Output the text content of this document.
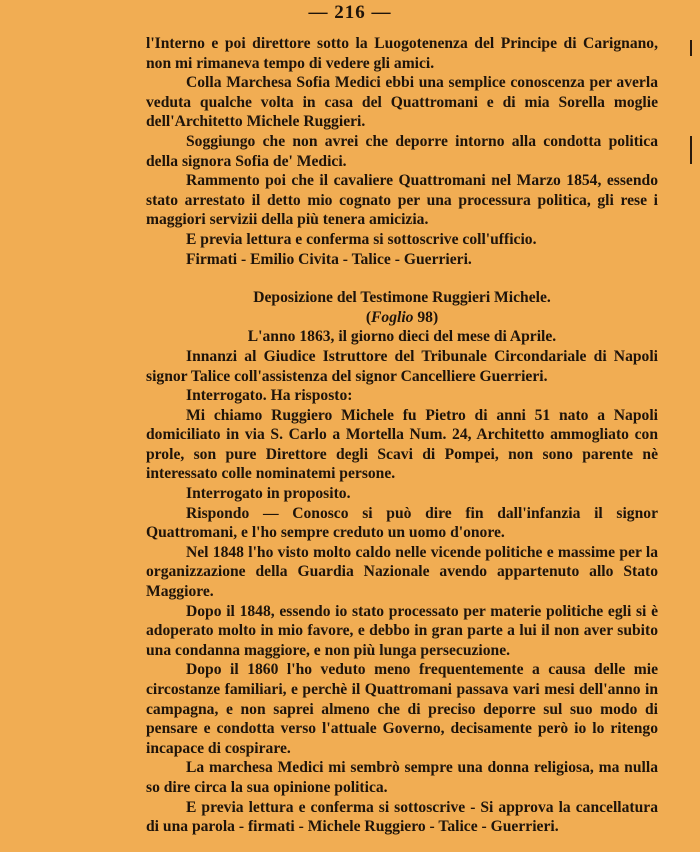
— 216 —

l'Interno e poi direttore sotto la Luogotenenza del Principe di Carignano, non mi rimaneva tempo di vedere gli amici.

Colla Marchesa Sofia Medici ebbi una semplice conoscenza per averla veduta qualche volta in casa del Quattromani e di mia Sorella moglie dell'Architetto Michele Ruggieri.

Soggiungo che non avrei che deporre intorno alla condotta politica della signora Sofia de' Medici.

Rammento poi che il cavaliere Quattromani nel Marzo 1854, essendo stato arrestato il detto mio cognato per una processura politica, gli rese i maggiori servizii della più tenera amicizia.

E previa lettura e conferma si sottoscrive coll'ufficio.

Firmati - Emilio Civita - Talice - Guerrieri.

Deposizione del Testimone Ruggieri Michele.

(Foglio 98)

L'anno 1863, il giorno dieci del mese di Aprile.

Innanzi al Giudice Istruttore del Tribunale Circondariale di Napoli signor Talice coll'assistenza del signor Cancelliere Guerrieri.

Interrogato. Ha risposto:

Mi chiamo Ruggiero Michele fu Pietro di anni 51 nato a Napoli domiciliato in via S. Carlo a Mortella Num. 24, Architetto ammogliato con prole, son pure Direttore degli Scavi di Pompei, non sono parente nè interessato colle nominatemi persone.

Interrogato in proposito.

Rispondo — Conosco si può dire fin dall'infanzia il signor Quattromani, e l'ho sempre creduto un uomo d'onore.

Nel 1848 l'ho visto molto caldo nelle vicende politiche e massime per la organizzazione della Guardia Nazionale avendo appartenuto allo Stato Maggiore.

Dopo il 1848, essendo io stato processato per materie politiche egli si è adoperato molto in mio favore, e debbo in gran parte a lui il non aver subito una condanna maggiore, e non più lunga persecuzione.

Dopo il 1860 l'ho veduto meno frequentemente a causa delle mie circostanze familiari, e perchè il Quattromani passava vari mesi dell'anno in campagna, e non saprei almeno che di preciso deporre sul suo modo di pensare e condotta verso l'attuale Governo, decisamente però io lo ritengo incapace di cospirare.

La marchesa Medici mi sembrò sempre una donna religiosa, ma nulla so dire circa la sua opinione politica.

E previa lettura e conferma si sottoscrive - Si approva la cancellatura di una parola - firmati - Michele Ruggiero - Talice - Guerrieri.
